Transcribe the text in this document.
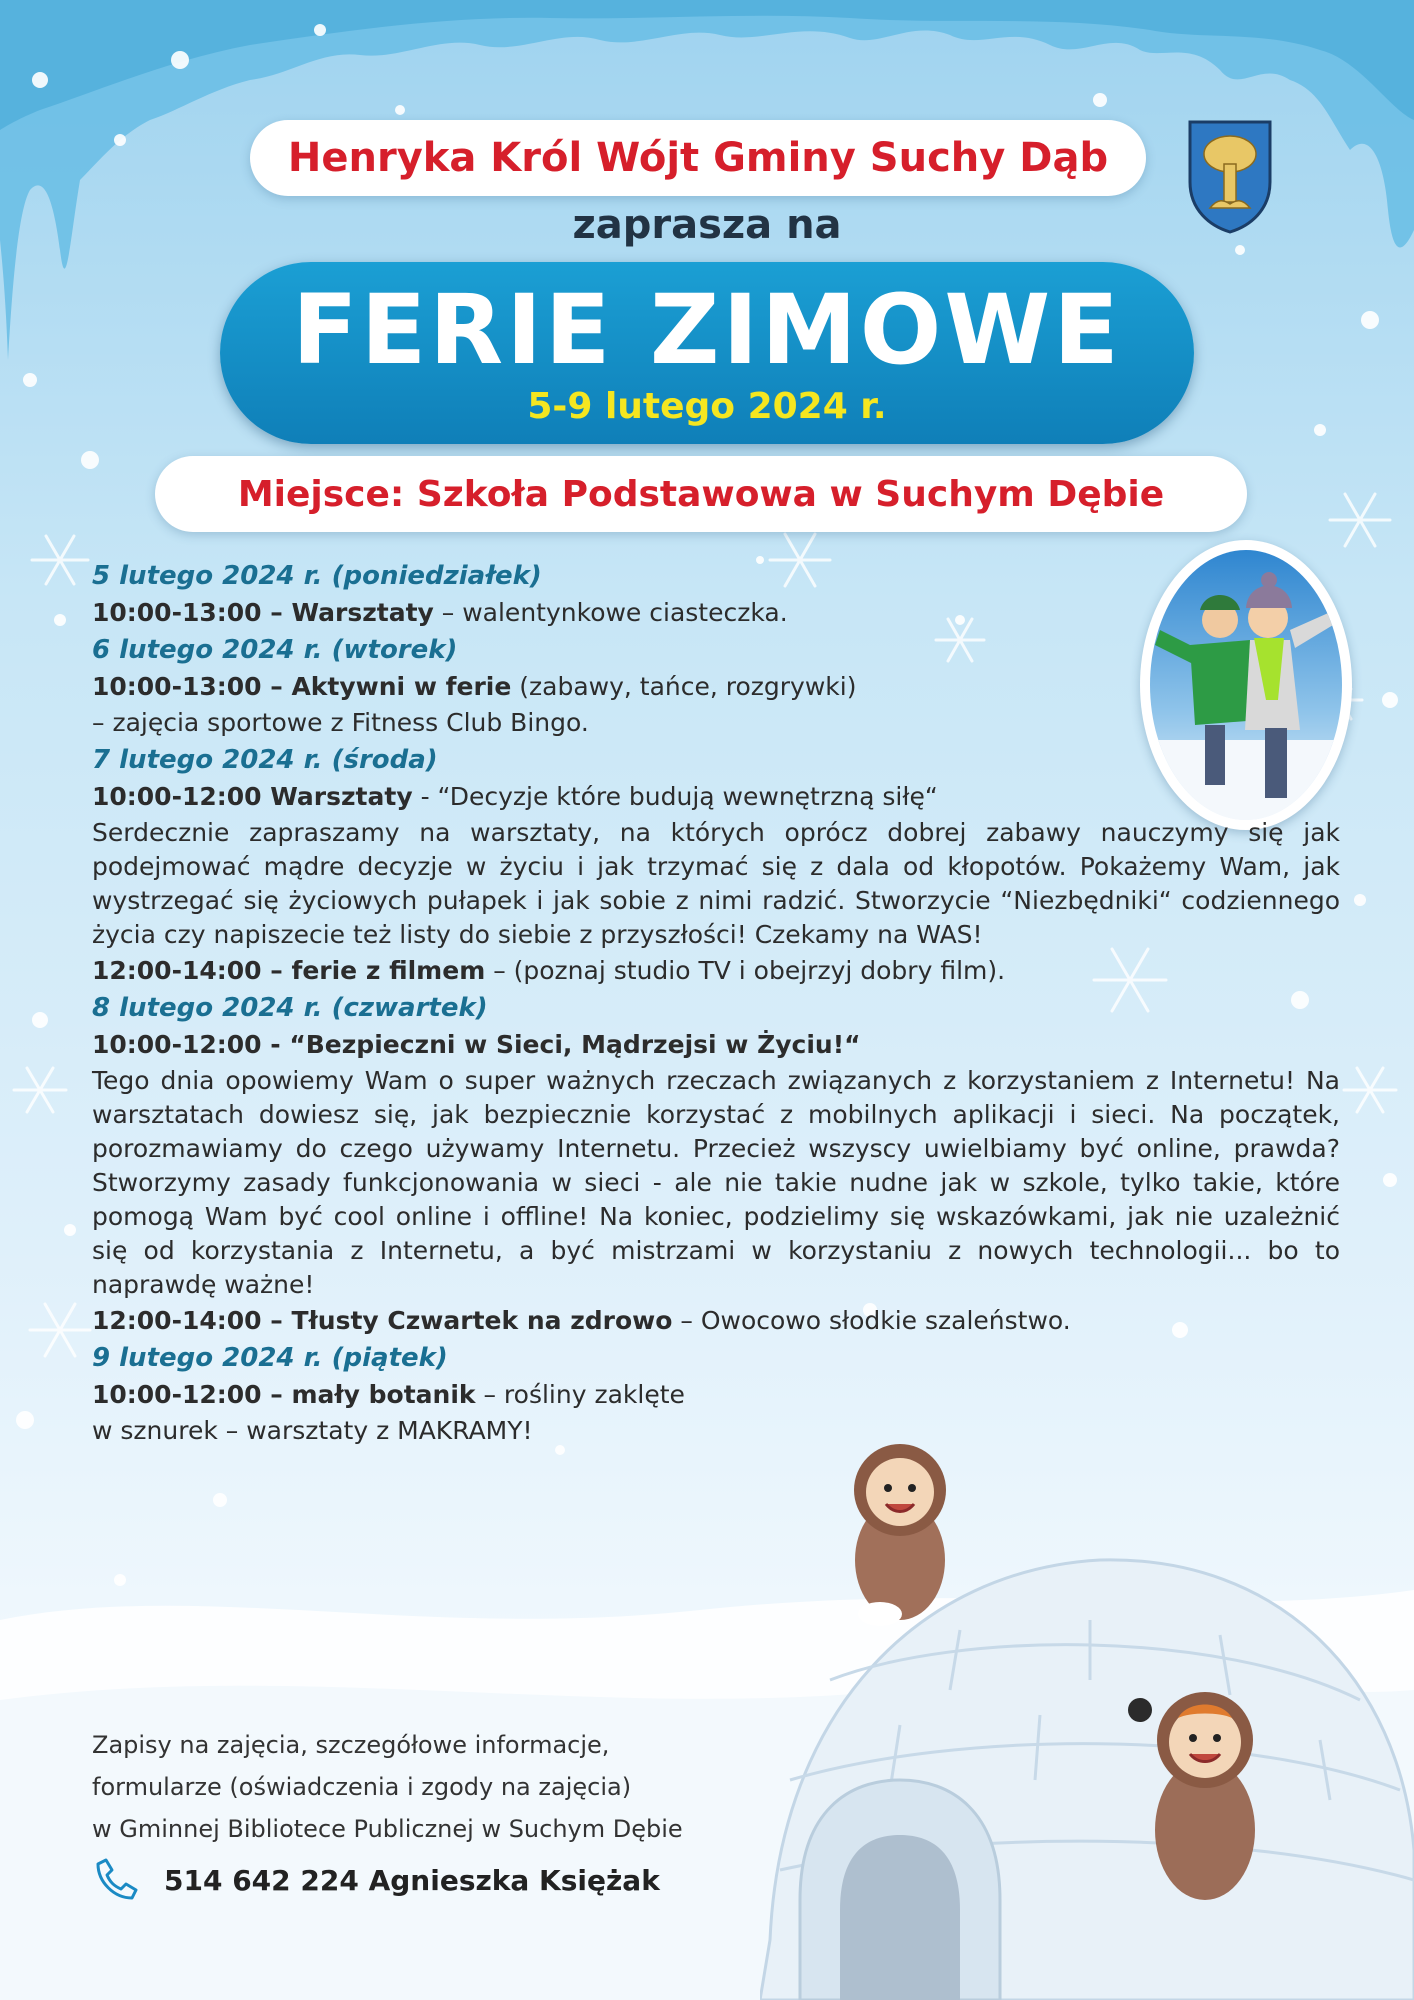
Henryka Król Wójt Gminy Suchy Dąb
zaprasza na
FERIE ZIMOWE
5-9 lutego 2024 r.
Miejsce: Szkoła Podstawowa w Suchym Dębie
5 lutego 2024 r. (poniedziałek)
10:00-13:00 – Warsztaty – walentynkowe ciasteczka.
6 lutego 2024 r. (wtorek)
10:00-13:00 – Aktywni w ferie (zabawy, tańce, rozgrywki)
– zajęcia sportowe z Fitness Club Bingo.
7 lutego 2024 r. (środa)
10:00-12:00 Warsztaty - “Decyzje które budują wewnętrzną siłę“
Serdecznie zapraszamy na warsztaty, na których oprócz dobrej zabawy nauczymy się jak podejmować mądre decyzje w życiu i jak trzymać się z dala od kłopotów. Pokażemy Wam, jak wystrzegać się życiowych pułapek i jak sobie z nimi radzić. Stworzycie “Niezbędniki“ codziennego życia czy napiszecie też listy do siebie z przyszłości! Czekamy na WAS!
12:00-14:00 – ferie z filmem – (poznaj studio TV i obejrzyj dobry film).
8 lutego 2024 r. (czwartek)
10:00-12:00 - “Bezpieczni w Sieci, Mądrzejsi w Życiu!“
Tego dnia opowiemy Wam o super ważnych rzeczach związanych z korzystaniem z Internetu! Na warsztatach dowiesz się, jak bezpiecznie korzystać z mobilnych aplikacji i sieci. Na początek, porozmawiamy do czego używamy Internetu. Przecież wszyscy uwielbiamy być online, prawda? Stworzymy zasady funkcjonowania w sieci - ale nie takie nudne jak w szkole, tylko takie, które pomogą Wam być cool online i offline! Na koniec, podzielimy się wskazówkami, jak nie uzależnić się od korzystania z Internetu, a być mistrzami w korzystaniu z nowych technologii... bo to naprawdę ważne!
12:00-14:00 – Tłusty Czwartek na zdrowo – Owocowo słodkie szaleństwo.
9 lutego 2024 r. (piątek)
10:00-12:00 – mały botanik – rośliny zaklęte
w sznurek – warsztaty z MAKRAMY!
Zapisy na zajęcia, szczegółowe informacje,
formularze (oświadczenia i zgody na zajęcia)
w Gminnej Bibliotece Publicznej w Suchym Dębie
514 642 224 Agnieszka Księżak
